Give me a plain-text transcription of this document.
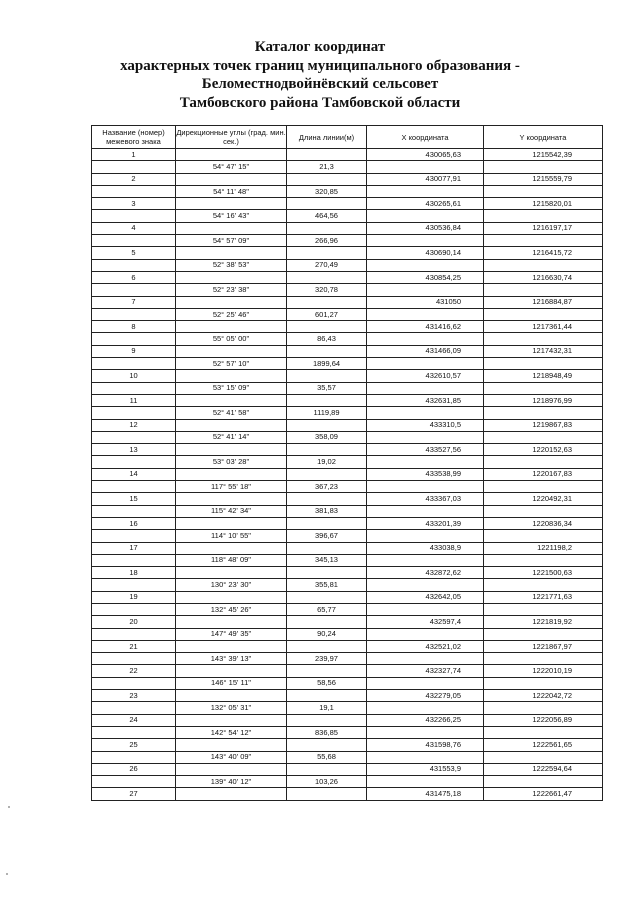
Каталог координат
характерных точек границ муниципального образования -
Беломестнодвойнёвский сельсовет
Тамбовского района Тамбовской области
Название (номер) межевого знака	Дирекционные углы (град. мин. сек.)	Длина линии(м)	X координата	Y координата
1			430065,63	1215542,39
	54° 47' 15"	21,3		
2			430077,91	1215559,79
	54° 11' 48"	320,85		
3			430265,61	1215820,01
	54° 16' 43"	464,56		
4			430536,84	1216197,17
	54° 57' 09"	266,96		
5			430690,14	1216415,72
	52° 38' 53"	270,49		
6			430854,25	1216630,74
	52° 23' 38"	320,78		
7			431050	1216884,87
	52° 25' 46"	601,27		
8			431416,62	1217361,44
	55° 05' 00"	86,43		
9			431466,09	1217432,31
	52° 57' 10"	1899,64		
10			432610,57	1218948,49
	53° 15' 09"	35,57		
11			432631,85	1218976,99
	52° 41' 58"	1119,89		
12			433310,5	1219867,83
	52° 41' 14"	358,09		
13			433527,56	1220152,63
	53° 03' 28"	19,02		
14			433538,99	1220167,83
	117° 55' 18"	367,23		
15			433367,03	1220492,31
	115° 42' 34"	381,83		
16			433201,39	1220836,34
	114° 10' 55"	396,67		
17			433038,9	1221198,2
	118° 48' 09"	345,13		
18			432872,62	1221500,63
	130° 23' 30"	355,81		
19			432642,05	1221771,63
	132° 45' 26"	65,77		
20			432597,4	1221819,92
	147° 49' 35"	90,24		
21			432521,02	1221867,97
	143° 39' 13"	239,97		
22			432327,74	1222010,19
	146° 15' 11"	58,56		
23			432279,05	1222042,72
	132° 05' 31"	19,1		
24			432266,25	1222056,89
	142° 54' 12"	836,85		
25			431598,76	1222561,65
	143° 40' 09"	55,68		
26			431553,9	1222594,64
	139° 40' 12"	103,26		
27			431475,18	1222661,47
